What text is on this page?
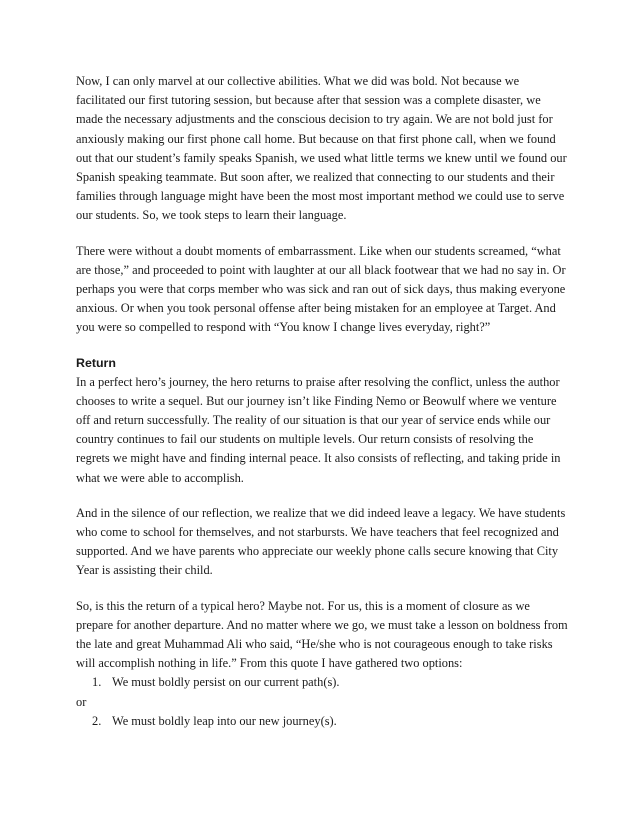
Now, I can only marvel at our collective abilities. What we did was bold. Not because we facilitated our first tutoring session, but because after that session was a complete disaster, we made the necessary adjustments and the conscious decision to try again. We are not bold just for anxiously making our first phone call home. But because on that first phone call, when we found out that our student’s family speaks Spanish, we used what little terms we knew until we found our Spanish speaking teammate. But soon after, we realized that connecting to our students and their families through language might have been the most most important method we could use to serve our students. So, we took steps to learn their language.

There were without a doubt moments of embarrassment. Like when our students screamed, “what are those,” and proceeded to point with laughter at our all black footwear that we had no say in. Or perhaps you were that corps member who was sick and ran out of sick days, thus making everyone anxious. Or when you took personal offense after being mistaken for an employee at Target. And you were so compelled to respond with “You know I change lives everyday, right?”

Return

In a perfect hero’s journey, the hero returns to praise after resolving the conflict, unless the author chooses to write a sequel. But our journey isn’t like Finding Nemo or Beowulf where we venture off and return successfully. The reality of our situation is that our year of service ends while our country continues to fail our students on multiple levels. Our return consists of resolving the regrets we might have and finding internal peace. It also consists of reflecting, and taking pride in what we were able to accomplish.

And in the silence of our reflection, we realize that we did indeed leave a legacy. We have students who come to school for themselves, and not starbursts. We have teachers that feel recognized and supported. And we have parents who appreciate our weekly phone calls secure knowing that City Year is assisting their child.

So, is this the return of a typical hero? Maybe not. For us, this is a moment of closure as we prepare for another departure. And no matter where we go, we must take a lesson on boldness from the late and great Muhammad Ali who said, “He/she who is not courageous enough to take risks will accomplish nothing in life.” From this quote I have gathered two options:

1. We must boldly persist on our current path(s).

or

2. We must boldly leap into our new journey(s).
